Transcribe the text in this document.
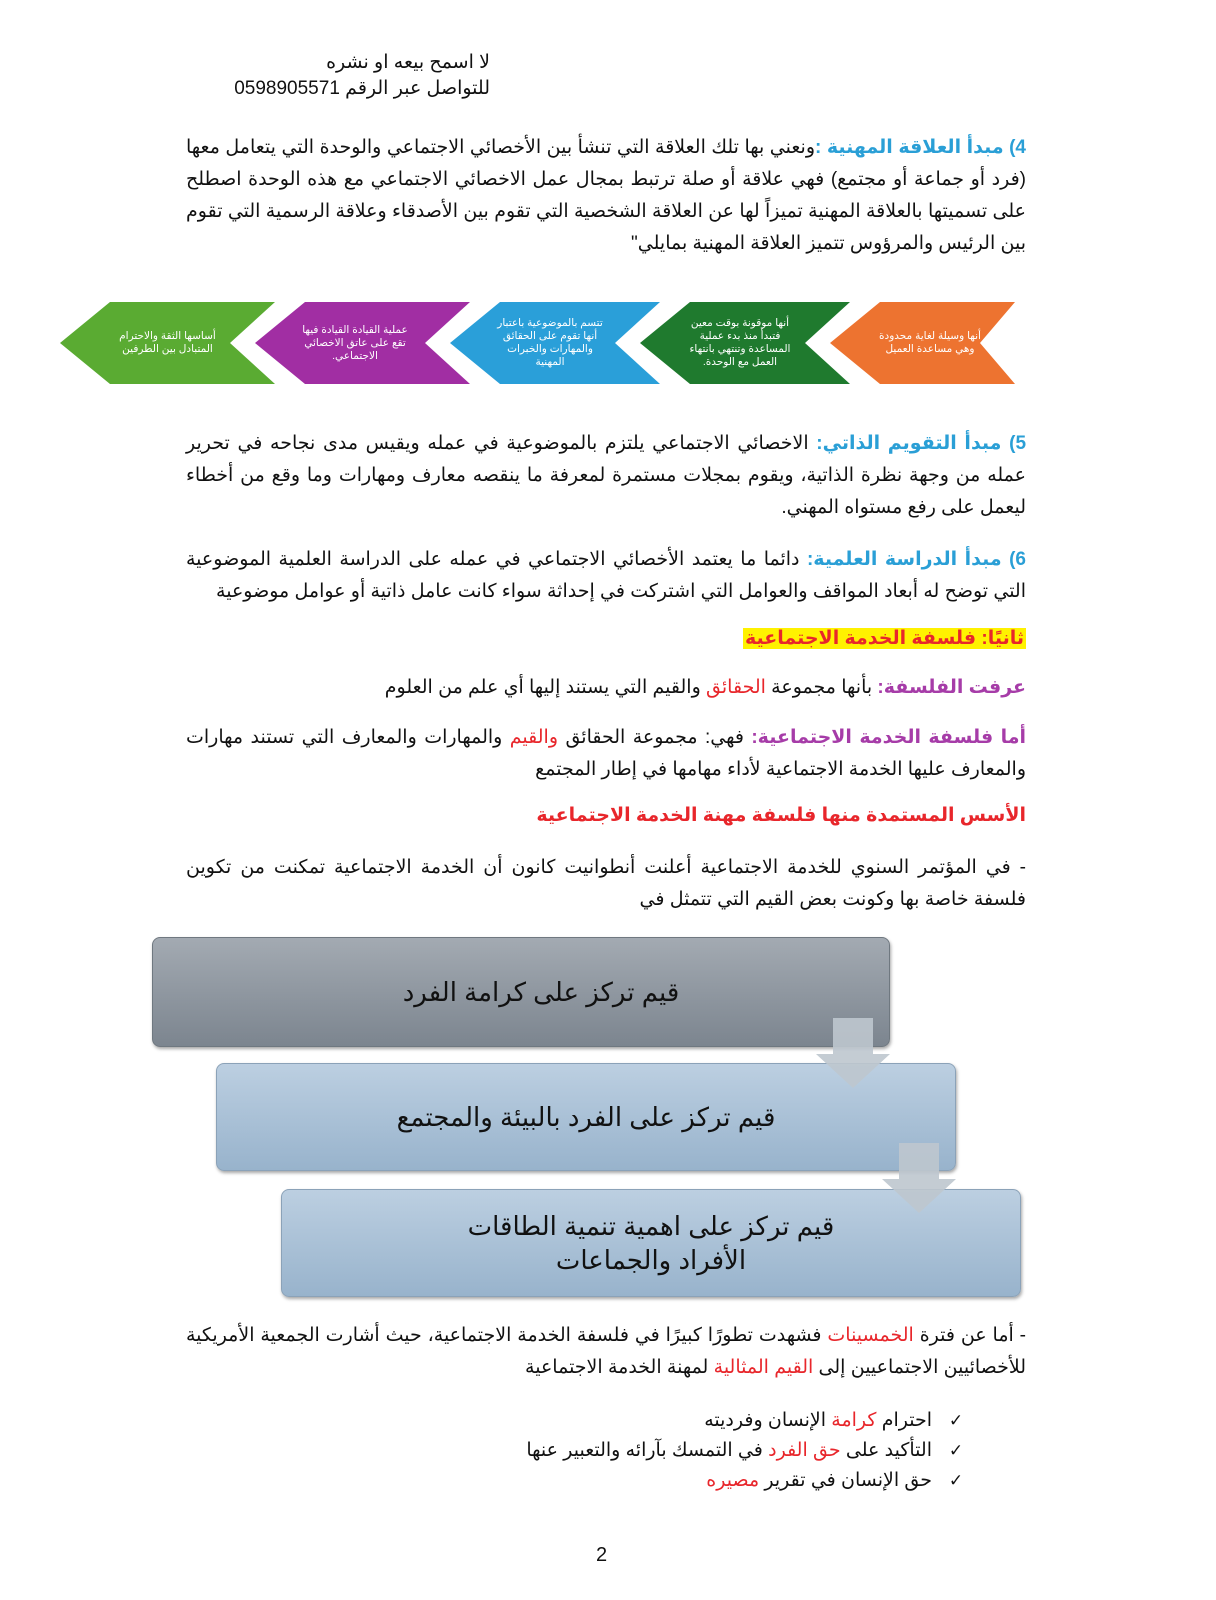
لا اسمح بيعه او نشره
للتواصل عبر الرقم 0598905571
4) مبدأ العلاقة المهنية :ونعني بها تلك العلاقة التي تنشأ بين الأخصائي الاجتماعي والوحدة التي يتعامل معها (فرد أو جماعة أو مجتمع) فهي علاقة أو صلة ترتبط بمجال عمل الاخصائي الاجتماعي مع هذه الوحدة اصطلح على تسميتها بالعلاقة المهنية تميزاً لها عن العلاقة الشخصية التي تقوم بين الأصدقاء وعلاقة الرسمية التي تقوم بين الرئيس والمرؤوس تتميز العلاقة المهنية بمايلي"
أنها وسيلة لغاية محدودة وهي مساعدة العميل
أنها موقونة بوقت معين فتبدأ منذ بدء عملية المساعدة وتنتهي بانتهاء العمل مع الوحدة.
تتسم بالموضوعية باعتبار أنها تقوم على الحقائق والمهارات والخبرات المهنية
عملية القيادة القيادة فيها تقع على عاتق الاخصائي الاجتماعي.
أساسها الثقة والاحترام المتبادل بين الطرفين
5) مبدأ التقويم الذاتي: الاخصائي الاجتماعي يلتزم بالموضوعية في عمله ويقيس مدى نجاحه في تحرير عمله من وجهة نظرة الذاتية، ويقوم بمجلات مستمرة لمعرفة ما ينقصه معارف ومهارات وما وقع من أخطاء ليعمل على رفع مستواه المهني.
6) مبدأ الدراسة العلمية: دائما ما يعتمد الأخصائي الاجتماعي في عمله على الدراسة العلمية الموضوعية التي توضح له أبعاد المواقف والعوامل التي اشتركت في إحداثة سواء كانت عامل ذاتية أو عوامل موضوعية
ثانيًا: فلسفة الخدمة الاجتماعية
عرفت الفلسفة: بأنها مجموعة الحقائق والقيم التي يستند إليها أي علم من العلوم
أما فلسفة الخدمة الاجتماعية: فهي: مجموعة الحقائق والقيم والمهارات والمعارف التي تستند مهارات والمعارف عليها الخدمة الاجتماعية لأداء مهامها في إطار المجتمع
الأسس المستمدة منها فلسفة مهنة الخدمة الاجتماعية
- في المؤتمر السنوي للخدمة الاجتماعية أعلنت أنطوانيت كانون أن الخدمة الاجتماعية تمكنت من تكوين فلسفة خاصة بها وكونت بعض القيم التي تتمثل في
قيم تركز على كرامة الفرد
قيم تركز على الفرد بالبيئة والمجتمع
قيم تركز على اهمية تنمية الطاقات الأفراد والجماعات
- أما عن فترة الخمسينات فشهدت تطورًا كبيرًا في فلسفة الخدمة الاجتماعية، حيث أشارت الجمعية الأمريكية للأخصائيين الاجتماعيين إلى القيم المثالية لمهنة الخدمة الاجتماعية
✓
احترام كرامة الإنسان وفرديته
✓
التأكيد على حق الفرد في التمسك بآرائه والتعبير عنها
✓
حق الإنسان في تقرير مصيره
2
